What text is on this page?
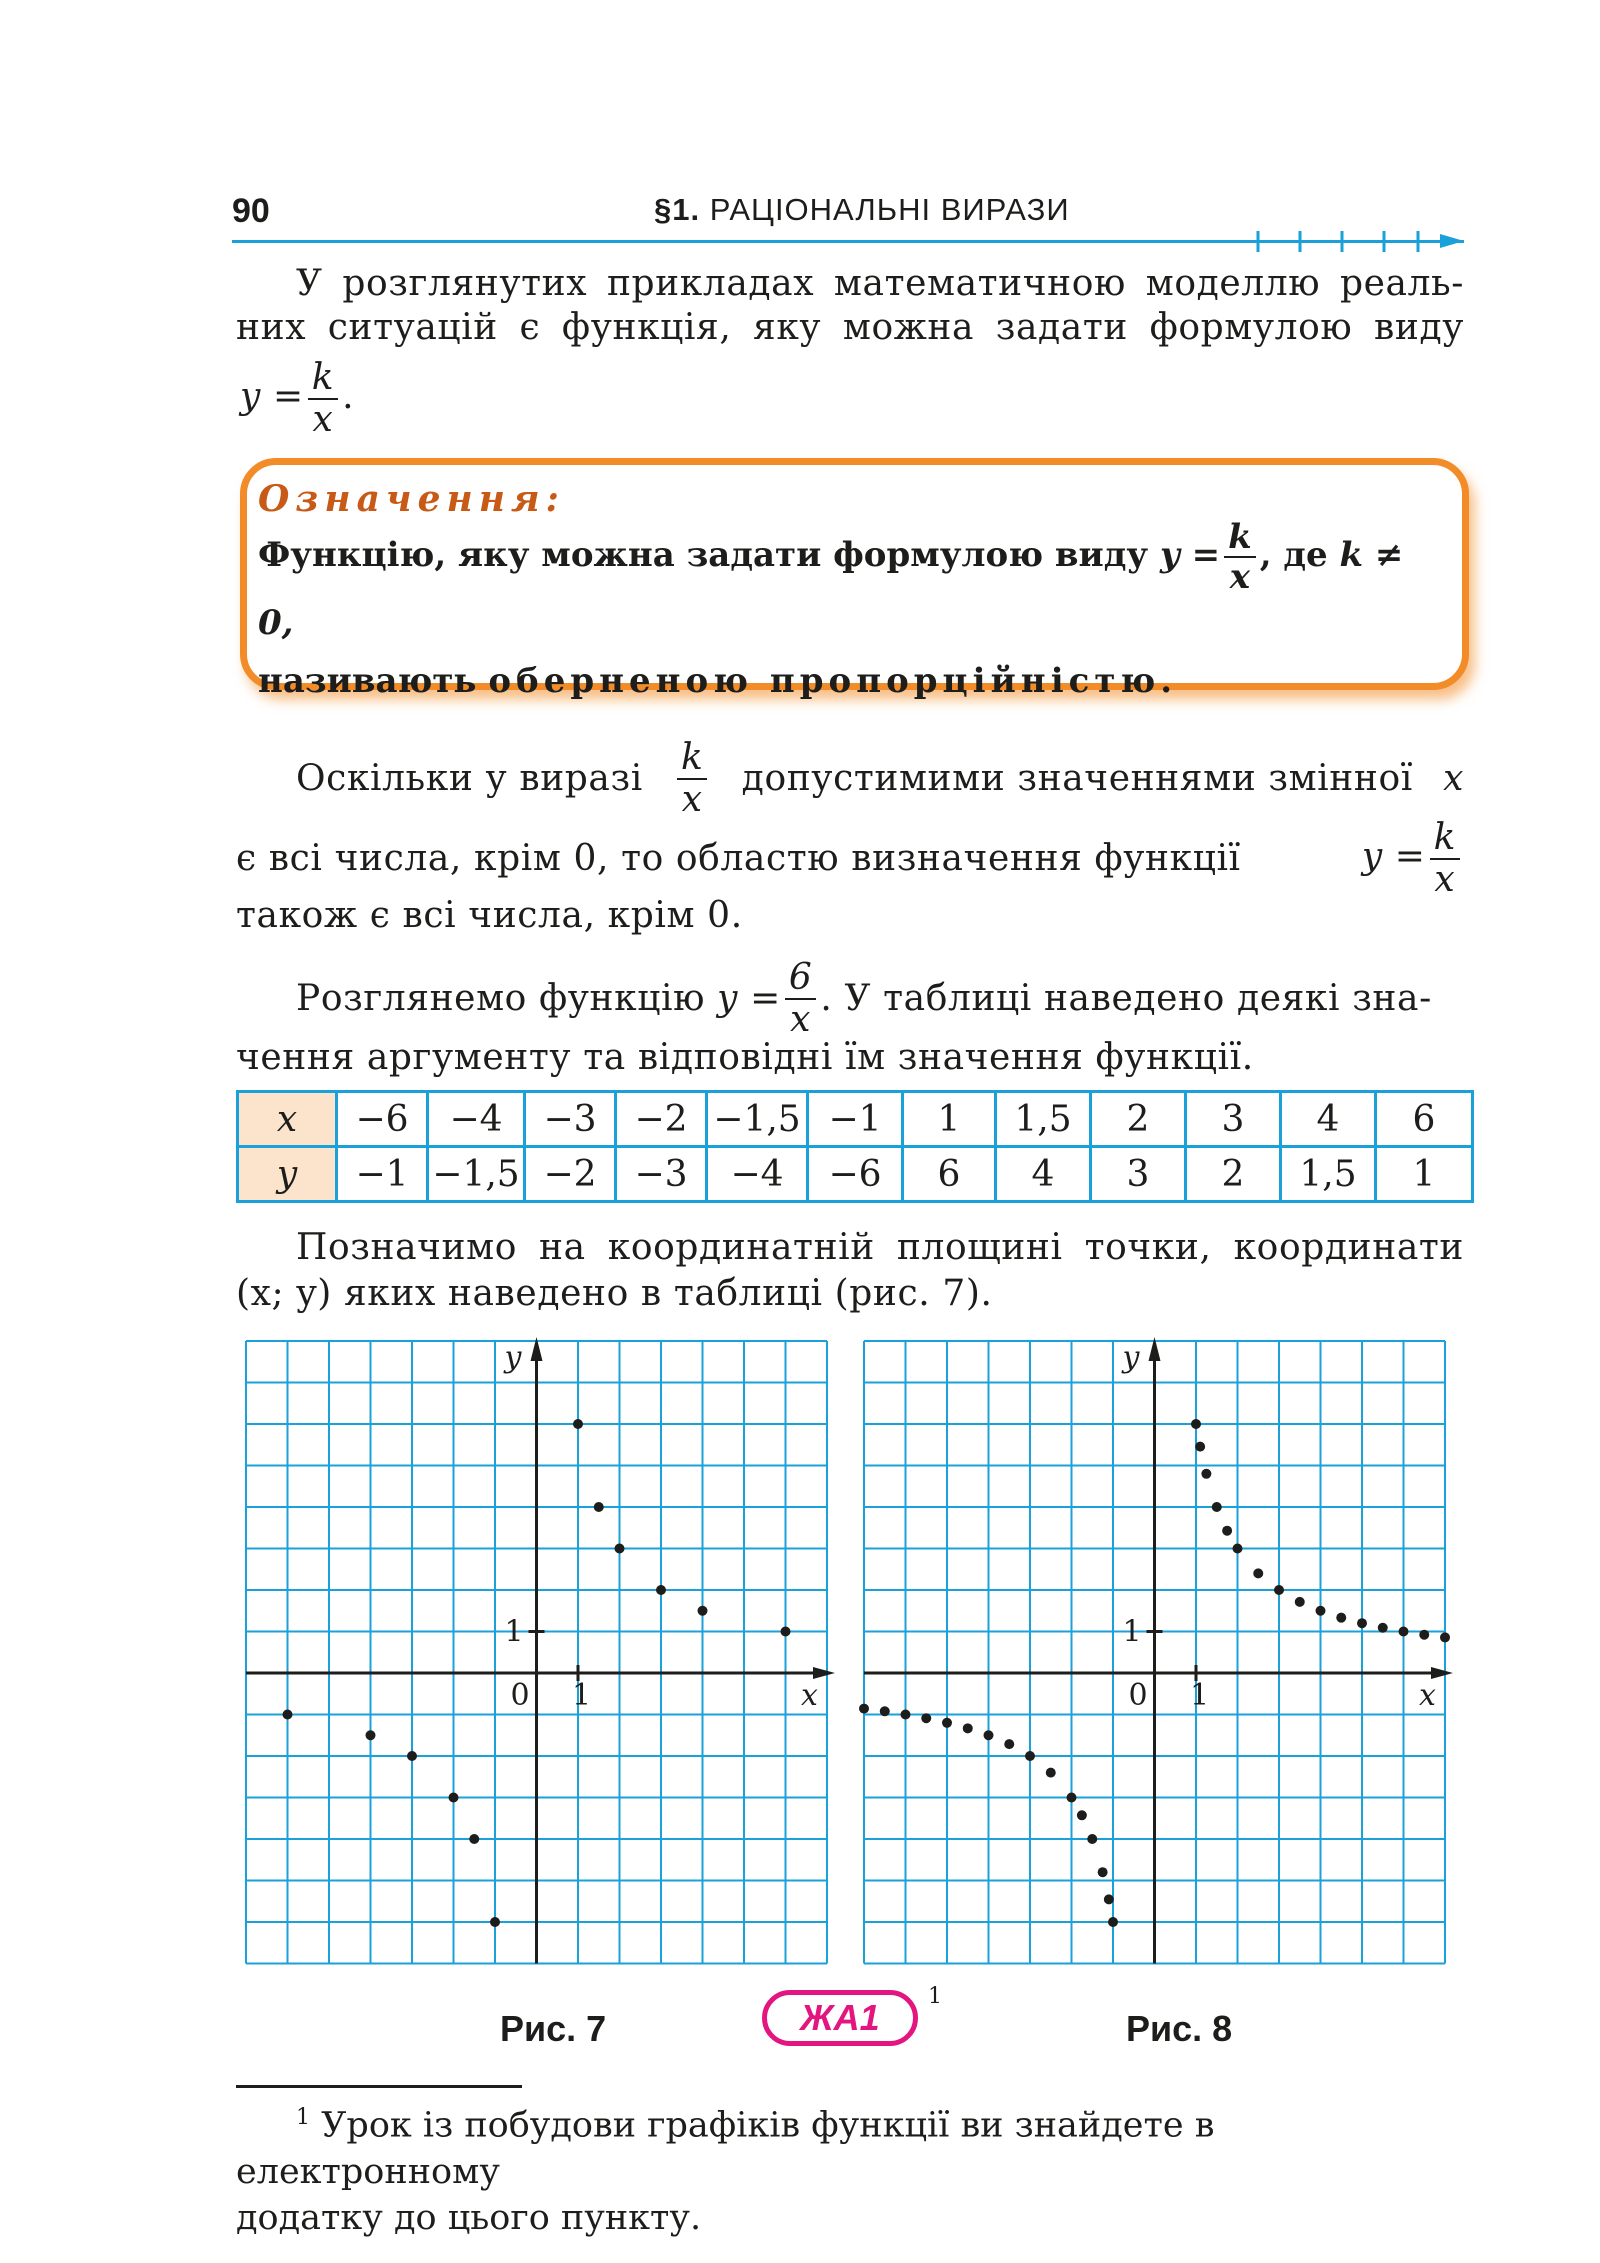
90	§1. РАЦІОНАЛЬНІ ВИРАЗИ
У розглянутих прикладах математичною моделлю реаль-
них ситуацій є функція, яку можна задати формулою виду
$y = \frac{k}{x}$ .
Означення:
Функцію, яку можна задати формулою виду $y = \frac{k}{x}$ , де k ≠ 0,
називають оберненою пропорційністю.
Оскільки у виразі $\frac{k}{x}$ допустимими значеннями змінної x
є всі числа, крім 0, то областю визначення функції	$y = \frac{k}{x}$
також є всі числа, крім 0.
Розглянемо функцію
$y = \frac{6}{x}$ . У таблиці наведено деякі зна-
чення аргументу та відповідні їм значення функції.
x	−6	−4	−3	−2	−1,5	−1	1	1,5	2	3	4	6
y	−1	−1,5	−2	−3	−4	−6	6	4	3	2	1,5	1
Позначимо на координатній площині точки, координати
(x; y) яких наведено в таблиці (рис. 7).
y
x
0 1
1
y
x
0 1
1
Рис. 7	Рис. 8
ЖА1
1
$^1$ Урок із побудови графіків функції ви знайдете в електронному
додатку до цього пункту.
